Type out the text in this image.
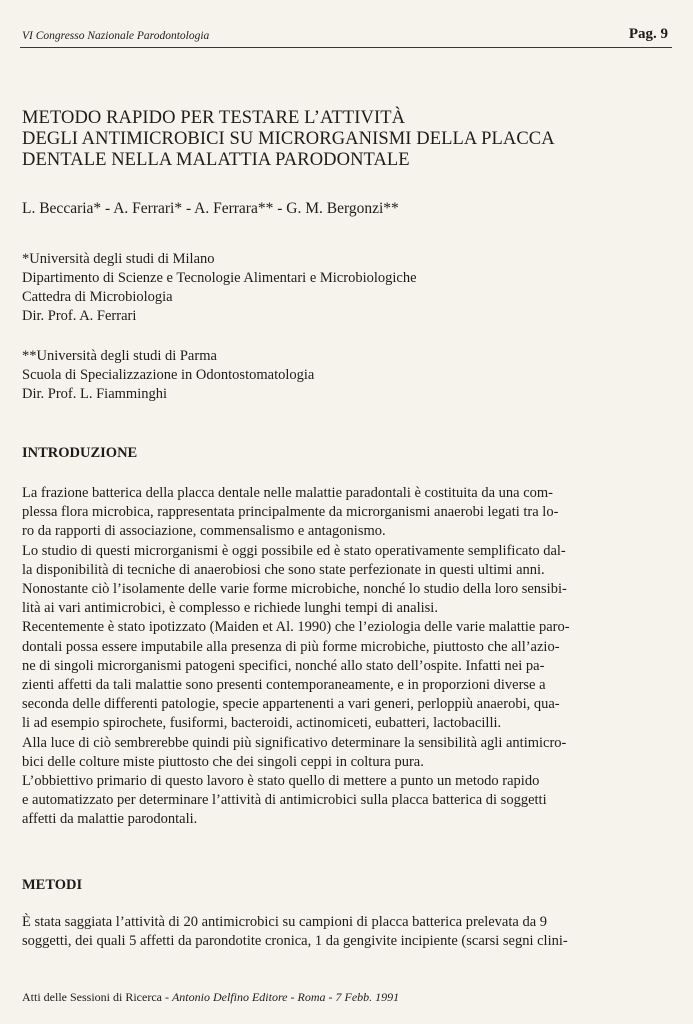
VI Congresso Nazionale Parodontologia	Pag. 9
METODO RAPIDO PER TESTARE L’ATTIVITÀ
DEGLI ANTIMICROBICI SU MICRORGANISMI DELLA PLACCA
DENTALE NELLA MALATTIA PARODONTALE
L. Beccaria* - A. Ferrari* - A. Ferrara** - G. M. Bergonzi**
*Università degli studi di Milano
Dipartimento di Scienze e Tecnologie Alimentari e Microbiologiche
Cattedra di Microbiologia
Dir. Prof. A. Ferrari
**Università degli studi di Parma
Scuola di Specializzazione in Odontostomatologia
Dir. Prof. L. Fiamminghi
INTRODUZIONE
La frazione batterica della placca dentale nelle malattie paradontali è costituita da una com-
plessa flora microbica, rappresentata principalmente da microrganismi anaerobi legati tra lo-
ro da rapporti di associazione, commensalismo e antagonismo.
Lo studio di questi microrganismi è oggi possibile ed è stato operativamente semplificato dal-
la disponibilità di tecniche di anaerobiosi che sono state perfezionate in questi ultimi anni.
Nonostante ciò l’isolamente delle varie forme microbiche, nonché lo studio della loro sensibi-
lità ai vari antimicrobici, è complesso e richiede lunghi tempi di analisi.
Recentemente è stato ipotizzato (Maiden et Al. 1990) che l’eziologia delle varie malattie paro-
dontali possa essere imputabile alla presenza di più forme microbiche, piuttosto che all’azio-
ne di singoli microrganismi patogeni specifici, nonché allo stato dell’ospite. Infatti nei pa-
zienti affetti da tali malattie sono presenti contemporaneamente, e in proporzioni diverse a
seconda delle differenti patologie, specie appartenenti a vari generi, perloppiù anaerobi, qua-
li ad esempio spirochete, fusiformi, bacteroidi, actinomiceti, eubatteri, lactobacilli.
Alla luce di ciò sembrerebbe quindi più significativo determinare la sensibilità agli antimicro-
bici delle colture miste piuttosto che dei singoli ceppi in coltura pura.
L’obbiettivo primario di questo lavoro è stato quello di mettere a punto un metodo rapido
e automatizzato per determinare l’attività di antimicrobici sulla placca batterica di soggetti
affetti da malattie parodontali.
METODI
È stata saggiata l’attività di 20 antimicrobici su campioni di placca batterica prelevata da 9
soggetti, dei quali 5 affetti da parondotite cronica, 1 da gengivite incipiente (scarsi segni clini-
Atti delle Sessioni di Ricerca - Antonio Delfino Editore - Roma - 7 Febb. 1991
